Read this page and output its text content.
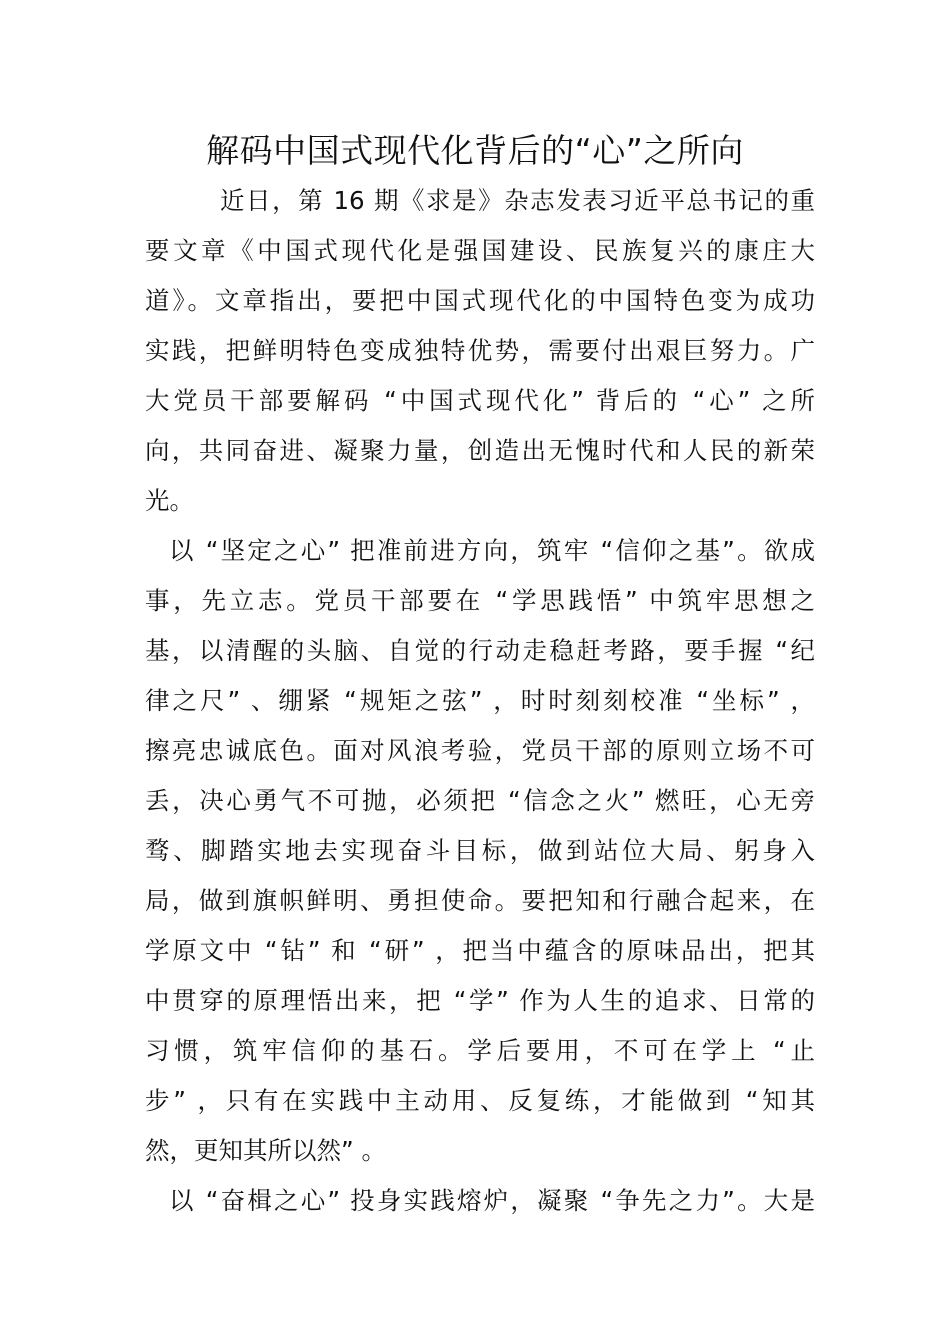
解码中国式现代化背后的“心”之所向
近日，第 16 期《求是》杂志发表习近平总书记的重
要文章《中国式现代化是强国建设、民族复兴的康庄大
道》。文章指出，要把中国式现代化的中国特色变为成功
实践，把鲜明特色变成独特优势，需要付出艰巨努力。广
大党员干部要解码 “中国式现代化” 背后的 “心” 之所
向，共同奋进、凝聚力量，创造出无愧时代和人民的新荣
光。
以 “坚定之心” 把准前进方向，筑牢 “信仰之基”。欲成
事，先立志。党员干部要在 “学思践悟” 中筑牢思想之
基，以清醒的头脑、自觉的行动走稳赶考路，要手握 “纪
律之尺” 、绷紧 “规矩之弦” ，时时刻刻校准 “坐标” ，
擦亮忠诚底色。面对风浪考验，党员干部的原则立场不可
丢，决心勇气不可抛，必须把 “信念之火” 燃旺，心无旁
骛、脚踏实地去实现奋斗目标，做到站位大局、躬身入
局，做到旗帜鲜明、勇担使命。要把知和行融合起来，在
学原文中 “钻” 和 “研” ，把当中蕴含的原味品出，把其
中贯穿的原理悟出来，把 “学” 作为人生的追求、日常的
习惯，筑牢信仰的基石。学后要用，不可在学上 “止
步” ，只有在实践中主动用、反复练，才能做到 “知其
然，更知其所以然” 。
以 “奋楫之心” 投身实践熔炉，凝聚 “争先之力”。大是
